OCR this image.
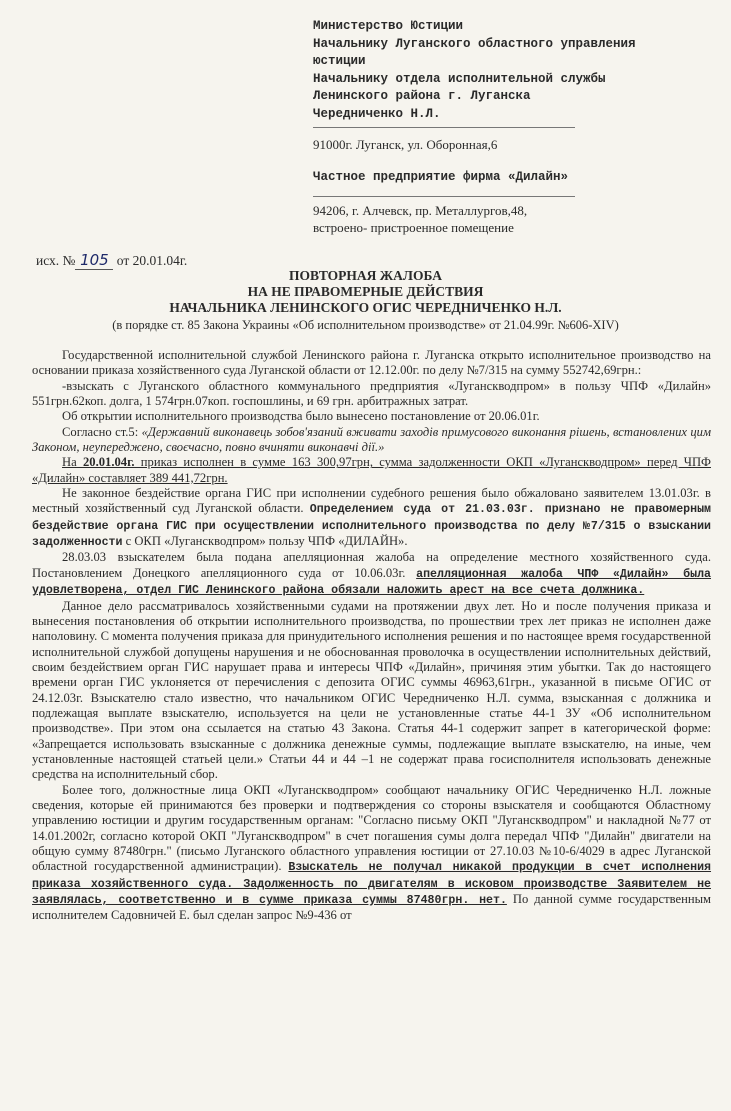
Министерство Юстиции
Начальнику Луганского областного управления
юстиции
Начальнику отдела исполнительной службы
Ленинского района г. Луганска
Чередниченко Н.Л.
91000г. Луганск, ул. Оборонная,6
Частное предприятие фирма «Дилайн»
94206, г. Алчевск, пр. Металлургов,48,
встроено- пристроенное помещение
исх. № 105 от 20.01.04г.
ПОВТОРНАЯ ЖАЛОБА
НА НЕ ПРАВОМЕРНЫЕ ДЕЙСТВИЯ
НАЧАЛЬНИКА ЛЕНИНСКОГО ОГИС ЧЕРЕДНИЧЕНКО Н.Л.
(в порядке ст. 85 Закона Украины «Об исполнительном производстве» от 21.04.99г. №606-XIV)

Государственной исполнительной службой Ленинского района г. Луганска открыто исполнительное производство на основании приказа хозяйственного суда Луганской области от 12.12.00г. по делу №7/315 на сумму 552742,69грн.:

-взыскать с Луганского областного коммунального предприятия «Луганскводпром» в пользу ЧПФ «Дилайн» 551грн.62коп. долга, 1 574грн.07коп. госпошлины, и 69 грн. арбитражных затрат.

Об открытии исполнительного производства было вынесено постановление от 20.06.01г.

Согласно ст.5: «Державний виконавець зобов'язаний вживати заходів примусового виконання рішень, встановлених цим Законом, неупереджено, своєчасно, повно вчиняти виконавчі дії.»

На 20.01.04г. приказ исполнен в сумме 163 300,97грн, сумма задолженности ОКП «Луганскводпром» перед ЧПФ «Дилайн» составляет 389 441,72грн.

Не законное бездействие органа ГИС при исполнении судебного решения было обжаловано заявителем 13.01.03г. в местный хозяйственный суд Луганской области. Определением суда от 21.03.03г. признано не правомерным бездействие органа ГИС при осуществлении исполнительного производства по делу №7/315 о взыскании задолженности с ОКП «Луганскводпром» пользу ЧПФ «ДИЛАЙН».

28.03.03 взыскателем была подана апелляционная жалоба на определение местного хозяйственного суда. Постановлением Донецкого апелляционного суда от 10.06.03г. апелляционная жалоба ЧПФ «Дилайн» была удовлетворена, отдел ГИС Ленинского района обязали наложить арест на все счета должника.

Данное дело рассматривалось хозяйственными судами на протяжении двух лет. Но и после получения приказа и вынесения постановления об открытии исполнительного производства, по прошествии трех лет приказ не исполнен даже наполовину. С момента получения приказа для принудительного исполнения решения и по настоящее время государственной исполнительной службой допущены нарушения и не обоснованная проволочка в осуществлении исполнительных действий, своим бездействием орган ГИС нарушает права и интересы ЧПФ «Дилайн», причиняя этим убытки. Так до настоящего времени орган ГИС уклоняется от перечисления с депозита ОГИС суммы 46963,61грн., указанной в письме ОГИС от 24.12.03г. Взыскателю стало известно, что начальником ОГИС Чередниченко Н.Л. сумма, взысканная с должника и подлежащая выплате взыскателю, используется на цели не установленные статье 44-1 ЗУ «Об исполнительном производстве». При этом она ссылается на статью 43 Закона. Статья 44-1 содержит запрет в категорической форме: «Запрещается использовать взысканные с должника денежные суммы, подлежащие выплате взыскателю, на иные, чем установленные настоящей статьей цели.» Статьи 44 и 44 –1 не содержат права госисполнителя использовать денежные средства на исполнительный сбор.

Более того, должностные лица ОКП «Луганскводпром» сообщают начальнику ОГИС Чередниченко Н.Л. ложные сведения, которые ей принимаются без проверки и подтверждения со стороны взыскателя и сообщаются Областному управлению юстиции и другим государственным органам: "Согласно письму ОКП "Луганскводпром" и накладной №77 от 14.01.2002г, согласно которой ОКП "Луганскводпром" в счет погашения сумы долга передал ЧПФ "Дилайн" двигатели на общую сумму 87480грн." (письмо Луганского областного управления юстиции от 27.10.03 №10-6/4029 в адрес Луганской областной государственной администрации). Взыскатель не получал никакой продукции в счет исполнения приказа хозяйственного суда. Задолженность по двигателям в исковом производстве Заявителем не заявлялась, соответственно и в сумме приказа суммы 87480грн. нет. По данной сумме государственным исполнителем Садовничей Е. был сделан запрос №9-436 от
